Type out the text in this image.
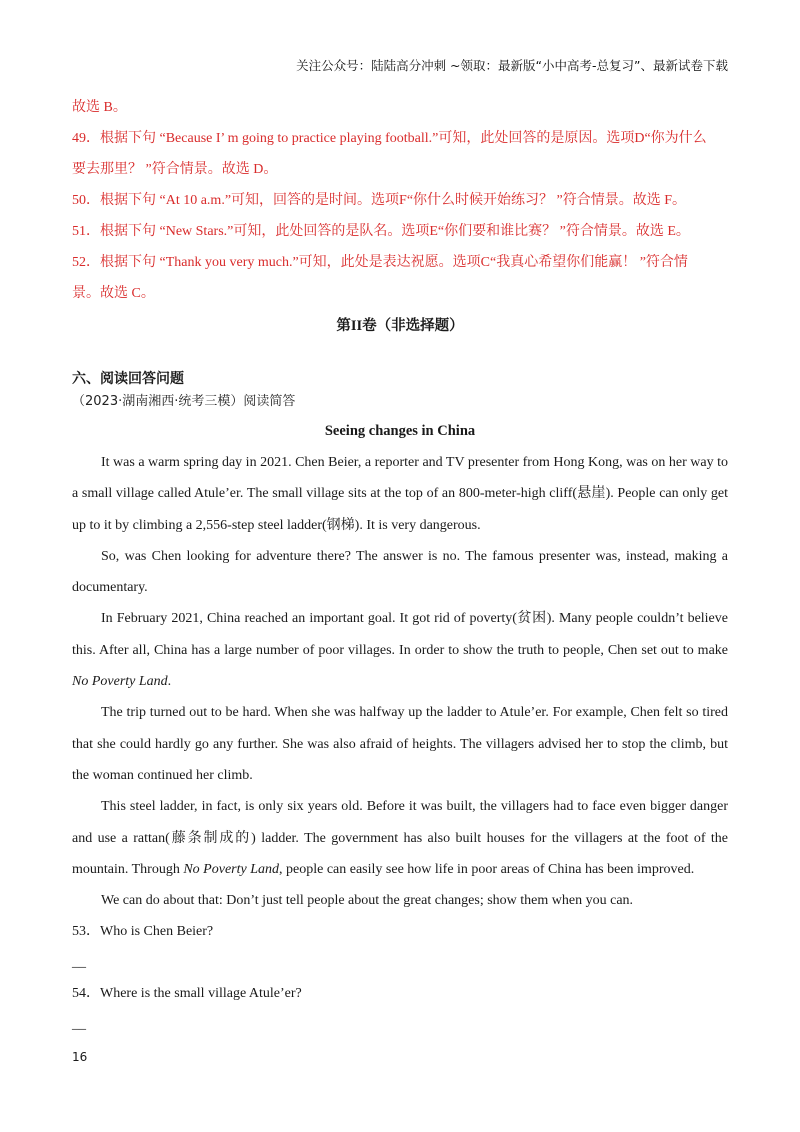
关注公众号：陆陆高分冲刺 ~领取：最新版“小中高考-总复习”、最新试卷下载
故选 B。
49．根据下句 “Because I’ m going to practice playing football.”可知，此处回答的是原因。选项D“你为什么
要去那里？ ”符合情景。故选 D。
50．根据下句 “At 10 a.m.”可知，回答的是时间。选项F“你什么时候开始练习？ ”符合情景。故选 F。
51．根据下句 “New Stars.”可知，此处回答的是队名。选项E“你们要和谁比赛？ ”符合情景。故选 E。
52．根据下句 “Thank you very much.”可知，此处是表达祝愿。选项C“我真心希望你们能赢！ ”符合情
景。故选 C。
第II卷（非选择题）
六、阅读回答问题
（2023·湖南湘西·统考三模）阅读简答
Seeing changes in China

It was a warm spring day in 2021. Chen Beier, a reporter and TV presenter from Hong Kong, was on her way to a small village called Atule’er. The small village sits at the top of an 800-meter-high cliff(悬崖). People can only get up to it by climbing a 2,556-step steel ladder(钢梯). It is very dangerous.

So, was Chen looking for adventure there? The answer is no. The famous presenter was, instead, making a documentary.

In February 2021, China reached an important goal. It got rid of poverty(贫困). Many people couldn’t believe this. After all, China has a large number of poor villages. In order to show the truth to people, Chen set out to make No Poverty Land.

The trip turned out to be hard. When she was halfway up the ladder to Atule’er. For example, Chen felt so tired that she could hardly go any further. She was also afraid of heights. The villagers advised her to stop the climb, but the woman continued her climb.

This steel ladder, in fact, is only six years old. Before it was built, the villagers had to face even bigger danger and use a rattan(藤条制成的) ladder. The government has also built houses for the villagers at the foot of the mountain. Through No Poverty Land, people can easily see how life in poor areas of China has been improved.

We can do about that: Don’t just tell people about the great changes; show them when you can.

53．Who is Chen Beier?
__
54．Where is the small village Atule’er?
__
16
